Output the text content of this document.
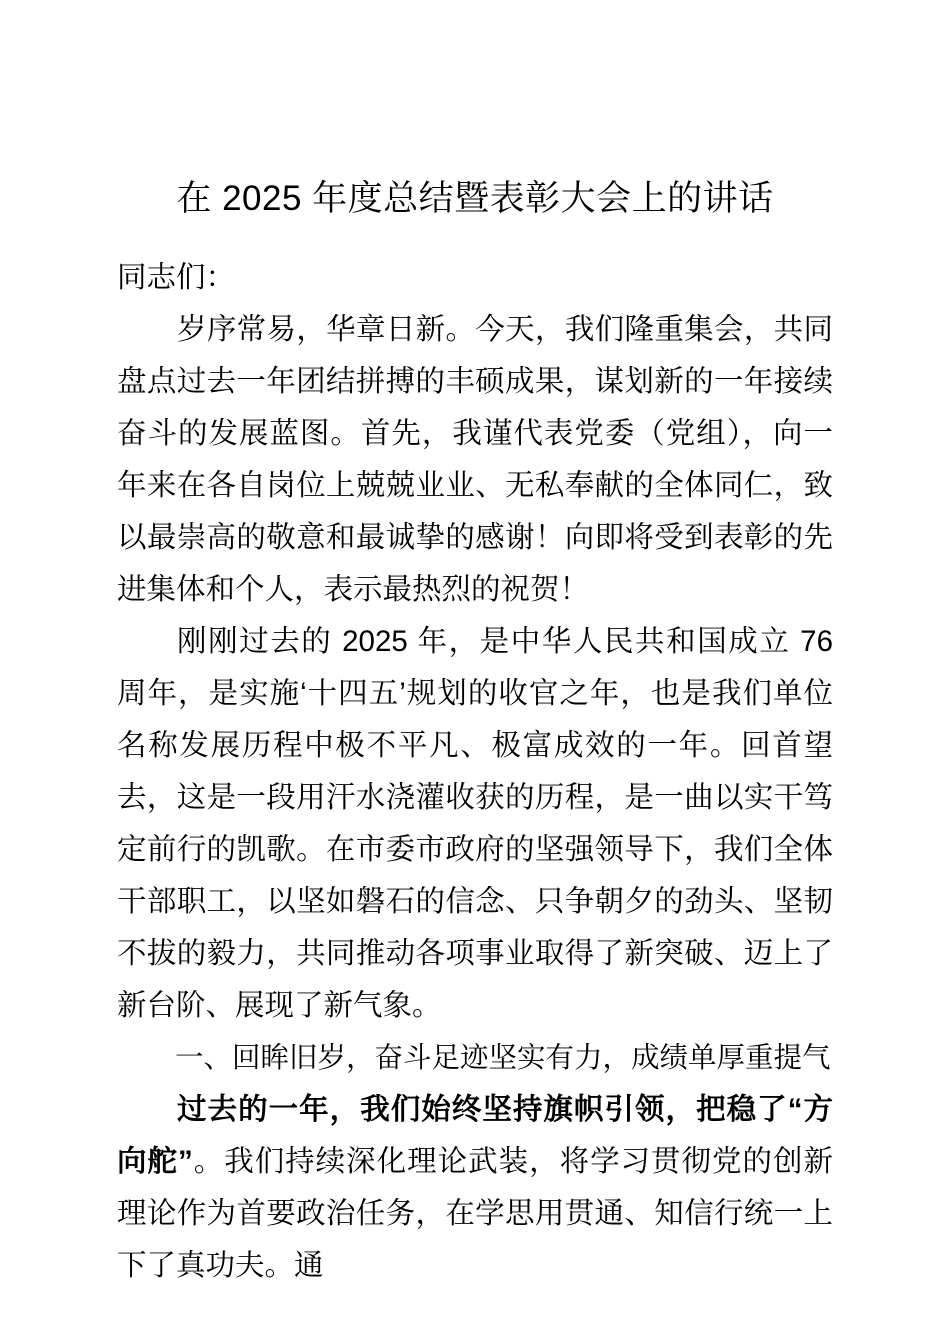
在 2025 年度总结暨表彰大会上的讲话

同志们：

岁序常易，华章日新。今天，我们隆重集会，共同盘点过去一年团结拼搏的丰硕成果，谋划新的一年接续奋斗的发展蓝图。首先，我谨代表党委（党组），向一年来在各自岗位上兢兢业业、无私奉献的全体同仁，致以最崇高的敬意和最诚挚的感谢！向即将受到表彰的先进集体和个人，表示最热烈的祝贺！

刚刚过去的 2025 年，是中华人民共和国成立 76 周年，是实施‘十四五’规划的收官之年，也是我们单位名称发展历程中极不平凡、极富成效的一年。回首望去，这是一段用汗水浇灌收获的历程，是一曲以实干笃定前行的凯歌。在市委市政府的坚强领导下，我们全体干部职工，以坚如磐石的信念、只争朝夕的劲头、坚韧不拔的毅力，共同推动各项事业取得了新突破、迈上了新台阶、展现了新气象。

一、回眸旧岁，奋斗足迹坚实有力，成绩单厚重提气

过去的一年，我们始终坚持旗帜引领，把稳了“方向舵”。我们持续深化理论武装，将学习贯彻党的创新理论作为首要政治任务，在学思用贯通、知信行统一上下了真功夫。通
